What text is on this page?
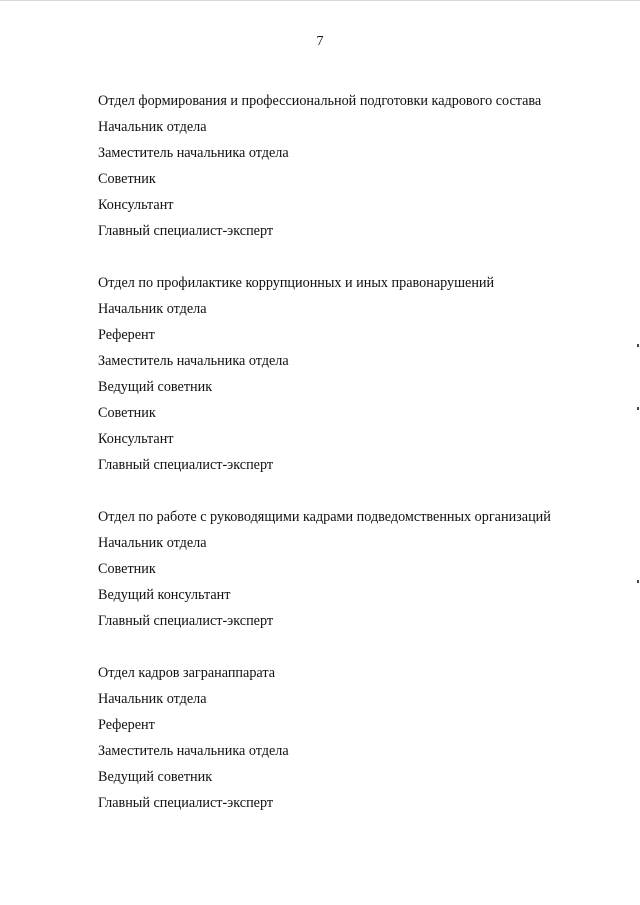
7
Отдел формирования и профессиональной подготовки кадрового состава
Начальник отдела
Заместитель начальника отдела
Советник
Консультант
Главный специалист-эксперт
Отдел по профилактике коррупционных и иных правонарушений
Начальник отдела
Референт
Заместитель начальника отдела
Ведущий советник
Советник
Консультант
Главный специалист-эксперт
Отдел по работе с руководящими кадрами подведомственных организаций
Начальник отдела
Советник
Ведущий консультант
Главный специалист-эксперт
Отдел кадров загранаппарата
Начальник отдела
Референт
Заместитель начальника отдела
Ведущий советник
Главный специалист-эксперт
